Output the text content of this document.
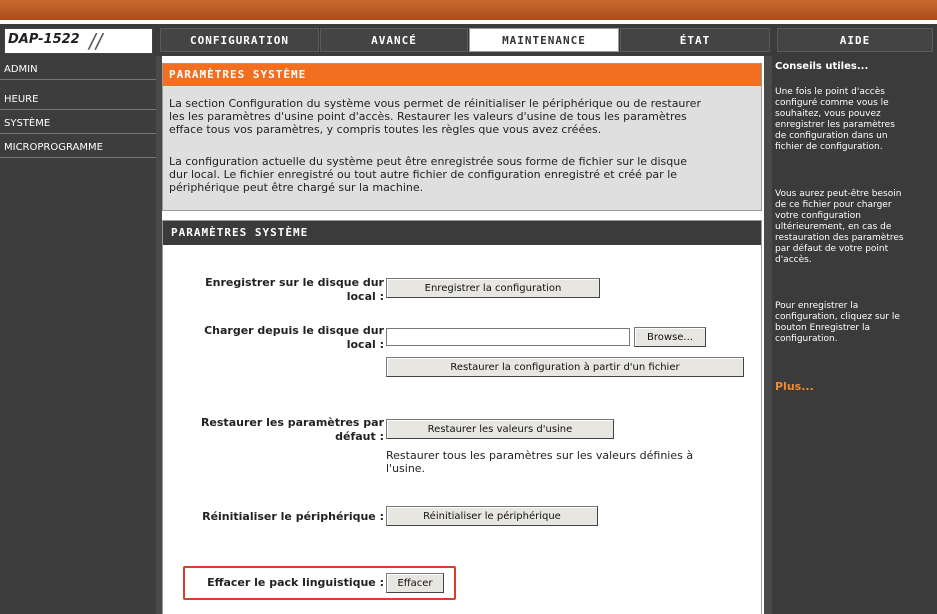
DAP-1522 //	CONFIGURATION	AVANCÉ	MAINTENANCE	ÉTAT	AIDE
ADMIN
HEURE
SYSTÈME
MICROPROGRAMME
PARAMÈTRES SYSTÈME
La section Configuration du système vous permet de réinitialiser le périphérique ou de restaurer
les les paramètres d'usine point d'accès. Restaurer les valeurs d'usine de tous les paramètres
efface tous vos paramètres, y compris toutes les règles que vous avez créées.
La configuration actuelle du système peut être enregistrée sous forme de fichier sur le disque
dur local. Le fichier enregistré ou tout autre fichier de configuration enregistré et créé par le
périphérique peut être chargé sur la machine.
PARAMÈTRES SYSTÈME
Enregistrer sur le disque dur
local :
Enregistrer la configuration
Charger depuis le disque dur
local :
Browse...
Restaurer la configuration à partir d'un fichier
Restaurer les paramètres par
défaut :
Restaurer les valeurs d'usine
Restaurer tous les paramètres sur les valeurs définies à
l'usine.
Réinitialiser le périphérique :	Réinitialiser le périphérique
Effacer le pack linguistique :	Effacer
Conseils utiles...
Une fois le point d'accès
configuré comme vous le
souhaitez, vous pouvez
enregistrer les paramètres
de configuration dans un
fichier de configuration.
Vous aurez peut-être besoin
de ce fichier pour charger
votre configuration
ultérieurement, en cas de
restauration des paramètres
par défaut de votre point
d'accès.
Pour enregistrer la
configuration, cliquez sur le
bouton Enregistrer la
configuration.
Plus...
